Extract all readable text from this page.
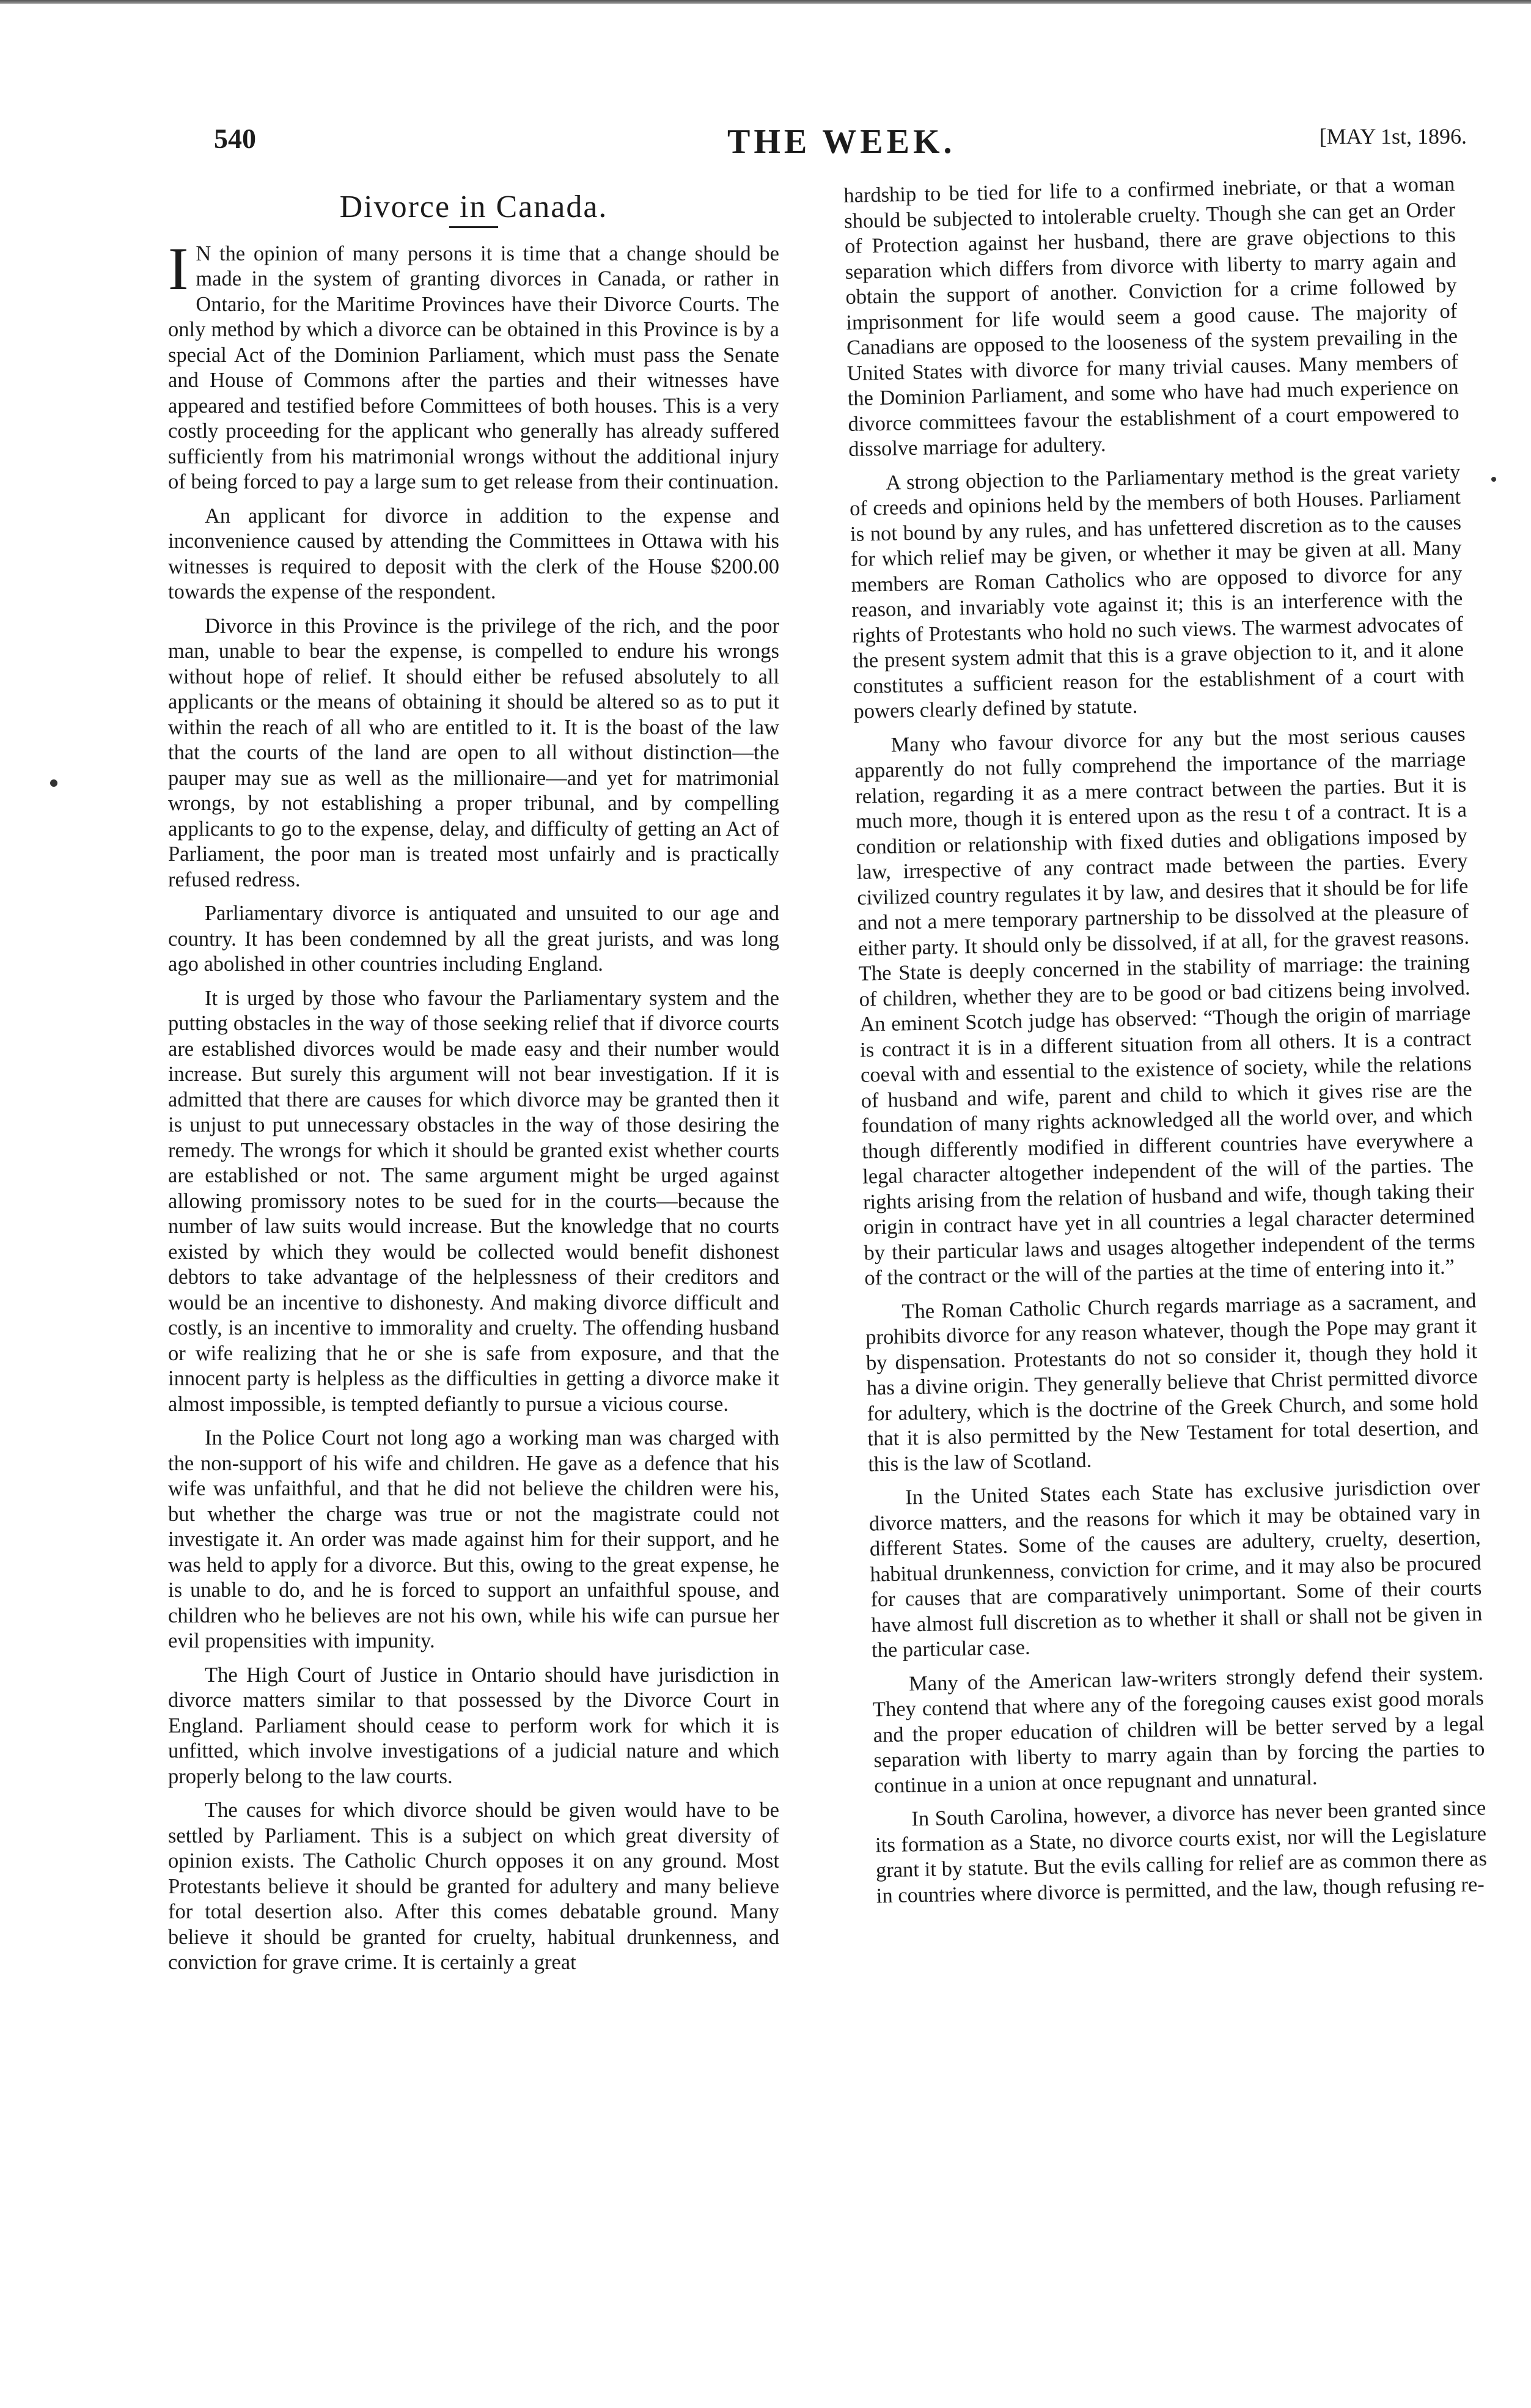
540	THE WEEK.	[MAY 1st, 1896.
Divorce in Canada.

I N the opinion of many persons it is time that a change should be made in the system of granting divorces in Canada, or rather in Ontario, for the Maritime Provinces have their Divorce Courts. The only method by which a divorce can be obtained in this Province is by a special Act of the Dominion Parliament, which must pass the Senate and House of Commons after the parties and their witnesses have appeared and testified before Committees of both houses. This is a very costly proceeding for the applicant who generally has already suffered sufficiently from his matrimonial wrongs without the additional injury of being forced to pay a large sum to get release from their continuation.

An applicant for divorce in addition to the expense and inconvenience caused by attending the Committees in Ottawa with his witnesses is required to deposit with the clerk of the House $200.00 towards the expense of the respondent.

Divorce in this Province is the privilege of the rich, and the poor man, unable to bear the expense, is compelled to endure his wrongs without hope of relief. It should either be refused absolutely to all applicants or the means of obtaining it should be altered so as to put it within the reach of all who are entitled to it. It is the boast of the law that the courts of the land are open to all without distinction—the pauper may sue as well as the millionaire—and yet for matrimonial wrongs, by not establishing a proper tribunal, and by compelling applicants to go to the expense, delay, and difficulty of getting an Act of Parliament, the poor man is treated most unfairly and is practically refused redress.

Parliamentary divorce is antiquated and unsuited to our age and country. It has been condemned by all the great jurists, and was long ago abolished in other countries including England.

It is urged by those who favour the Parliamentary system and the putting obstacles in the way of those seeking relief that if divorce courts are established divorces would be made easy and their number would increase. But surely this argument will not bear investigation. If it is admitted that there are causes for which divorce may be granted then it is unjust to put unnecessary obstacles in the way of those desiring the remedy. The wrongs for which it should be granted exist whether courts are established or not. The same argument might be urged against allowing promissory notes to be sued for in the courts—because the number of law suits would increase. But the knowledge that no courts existed by which they would be collected would benefit dishonest debtors to take advantage of the helplessness of their creditors and would be an incentive to dishonesty. And making divorce difficult and costly, is an incentive to immorality and cruelty. The offending husband or wife realizing that he or she is safe from exposure, and that the innocent party is helpless as the difficulties in getting a divorce make it almost impossible, is tempted defiantly to pursue a vicious course.

In the Police Court not long ago a working man was charged with the non-support of his wife and children. He gave as a defence that his wife was unfaithful, and that he did not believe the children were his, but whether the charge was true or not the magistrate could not investigate it. An order was made against him for their support, and he was held to apply for a divorce. But this, owing to the great expense, he is unable to do, and he is forced to support an unfaithful spouse, and children who he believes are not his own, while his wife can pursue her evil propensities with impunity.

The High Court of Justice in Ontario should have jurisdiction in divorce matters similar to that possessed by the Divorce Court in England. Parliament should cease to perform work for which it is unfitted, which involve investigations of a judicial nature and which properly belong to the law courts.

The causes for which divorce should be given would have to be settled by Parliament. This is a subject on which great diversity of opinion exists. The Catholic Church opposes it on any ground. Most Protestants believe it should be granted for adultery and many believe for total desertion also. After this comes debatable ground. Many believe it should be granted for cruelty, habitual drunkenness, and conviction for grave crime. It is certainly a great

hardship to be tied for life to a confirmed inebriate, or that a woman should be subjected to intolerable cruelty. Though she can get an Order of Protection against her husband, there are grave objections to this separation which differs from divorce with liberty to marry again and obtain the support of another. Conviction for a crime followed by imprisonment for life would seem a good cause. The majority of Canadians are opposed to the looseness of the system prevailing in the United States with divorce for many trivial causes. Many members of the Dominion Parliament, and some who have had much experience on divorce committees favour the establishment of a court empowered to dissolve marriage for adultery.

A strong objection to the Parliamentary method is the great variety of creeds and opinions held by the members of both Houses. Parliament is not bound by any rules, and has unfettered discretion as to the causes for which relief may be given, or whether it may be given at all. Many members are Roman Catholics who are opposed to divorce for any reason, and invariably vote against it; this is an interference with the rights of Protestants who hold no such views. The warmest advocates of the present system admit that this is a grave objection to it, and it alone constitutes a sufficient reason for the establishment of a court with powers clearly defined by statute.

Many who favour divorce for any but the most serious causes apparently do not fully comprehend the importance of the marriage relation, regarding it as a mere contract between the parties. But it is much more, though it is entered upon as the resu t of a contract. It is a condition or relationship with fixed duties and obligations imposed by law, irrespective of any contract made between the parties. Every civilized country regulates it by law, and desires that it should be for life and not a mere temporary partnership to be dissolved at the pleasure of either party. It should only be dissolved, if at all, for the gravest reasons. The State is deeply concerned in the stability of marriage: the training of children, whether they are to be good or bad citizens being involved. An eminent Scotch judge has observed: “Though the origin of marriage is contract it is in a different situation from all others. It is a contract coeval with and essential to the existence of society, while the relations of husband and wife, parent and child to which it gives rise are the foundation of many rights acknowledged all the world over, and which though differently modified in different countries have everywhere a legal character altogether independent of the will of the parties. The rights arising from the relation of husband and wife, though taking their origin in contract have yet in all countries a legal character determined by their particular laws and usages altogether independent of the terms of the contract or the will of the parties at the time of entering into it.”

The Roman Catholic Church regards marriage as a sacrament, and prohibits divorce for any reason whatever, though the Pope may grant it by dispensation. Protestants do not so consider it, though they hold it has a divine origin. They generally believe that Christ permitted divorce for adultery, which is the doctrine of the Greek Church, and some hold that it is also permitted by the New Testament for total desertion, and this is the law of Scotland.

In the United States each State has exclusive jurisdiction over divorce matters, and the reasons for which it may be obtained vary in different States. Some of the causes are adultery, cruelty, desertion, habitual drunkenness, conviction for crime, and it may also be procured for causes that are comparatively unimportant. Some of their courts have almost full discretion as to whether it shall or shall not be given in the particular case.

Many of the American law-writers strongly defend their system. They contend that where any of the foregoing causes exist good morals and the proper education of children will be better served by a legal separation with liberty to marry again than by forcing the parties to continue in a union at once repugnant and unnatural.

In South Carolina, however, a divorce has never been granted since its formation as a State, no divorce courts exist, nor will the Legislature grant it by statute. But the evils calling for relief are as common there as in countries where divorce is permitted, and the law, though refusing re-
